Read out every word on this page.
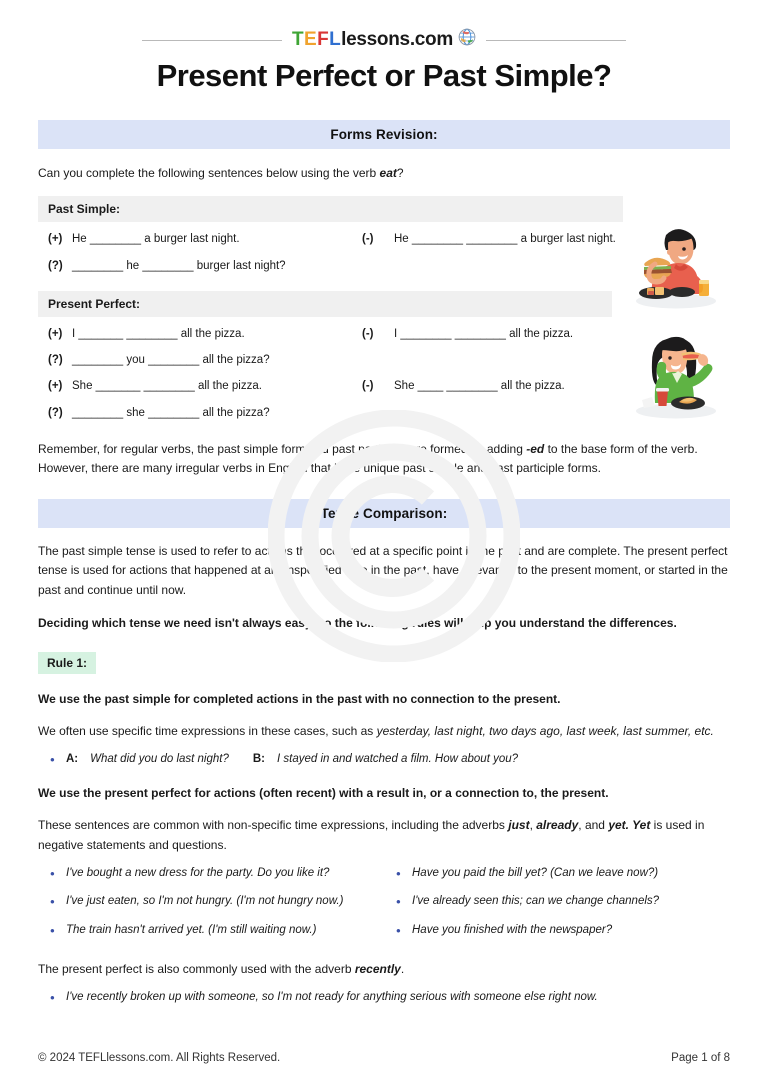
T E F L lessons.com
Present Perfect or Past Simple?
Forms Revision:

Can you complete the following sentences below using the verb eat?

Past Simple:
(+) He ________ a burger last night.	(-)	He ________ ________ a burger last night.
(?) ________ he ________ burger last night?
Present Perfect:
(+) I _______ ________ all the pizza.	(-)	I ________ ________ all the pizza.
(?) ________ you ________ all the pizza?
(+) She _______ ________ all the pizza.	(-)	She ____ ________ all the pizza.
(?) ________ she ________ all the pizza?

Remember, for regular verbs, the past simple form and past participle are formed by adding -ed to the base form of the verb. However, there are many irregular verbs in English that have unique past simple and past participle forms.

Tense Comparison:

The past simple tense is used to refer to actions that occurred at a specific point in the past and are complete. The present perfect tense is used for actions that happened at an unspecified time in the past, have relevance to the present moment, or started in the past and continue until now.

Deciding which tense we need isn't always easy, so the following rules will help you understand the differences.

Rule 1:

We use the past simple for completed actions in the past with no connection to the present.

We often use specific time expressions in these cases, such as yesterday, last night, two days ago, last week, last summer, etc.

• A: What did you do last night? B: I stayed in and watched a film. How about you?

We use the present perfect for actions (often recent) with a result in, or a connection to, the present.

These sentences are common with non-specific time expressions, including the adverbs just, already, and yet. Yet is used in negative statements and questions.

• I've bought a new dress for the party. Do you like it?
• I've just eaten, so I'm not hungry. (I'm not hungry now.)
• The train hasn't arrived yet. (I'm still waiting now.)
• Have you paid the bill yet? (Can we leave now?)
• I've already seen this; can we change channels?
• Have you finished with the newspaper?

The present perfect is also commonly used with the adverb recently.

• I've recently broken up with someone, so I'm not ready for anything serious with someone else right now.
© 2024 TEFLlessons.com. All Rights Reserved.	Page 1 of 8
